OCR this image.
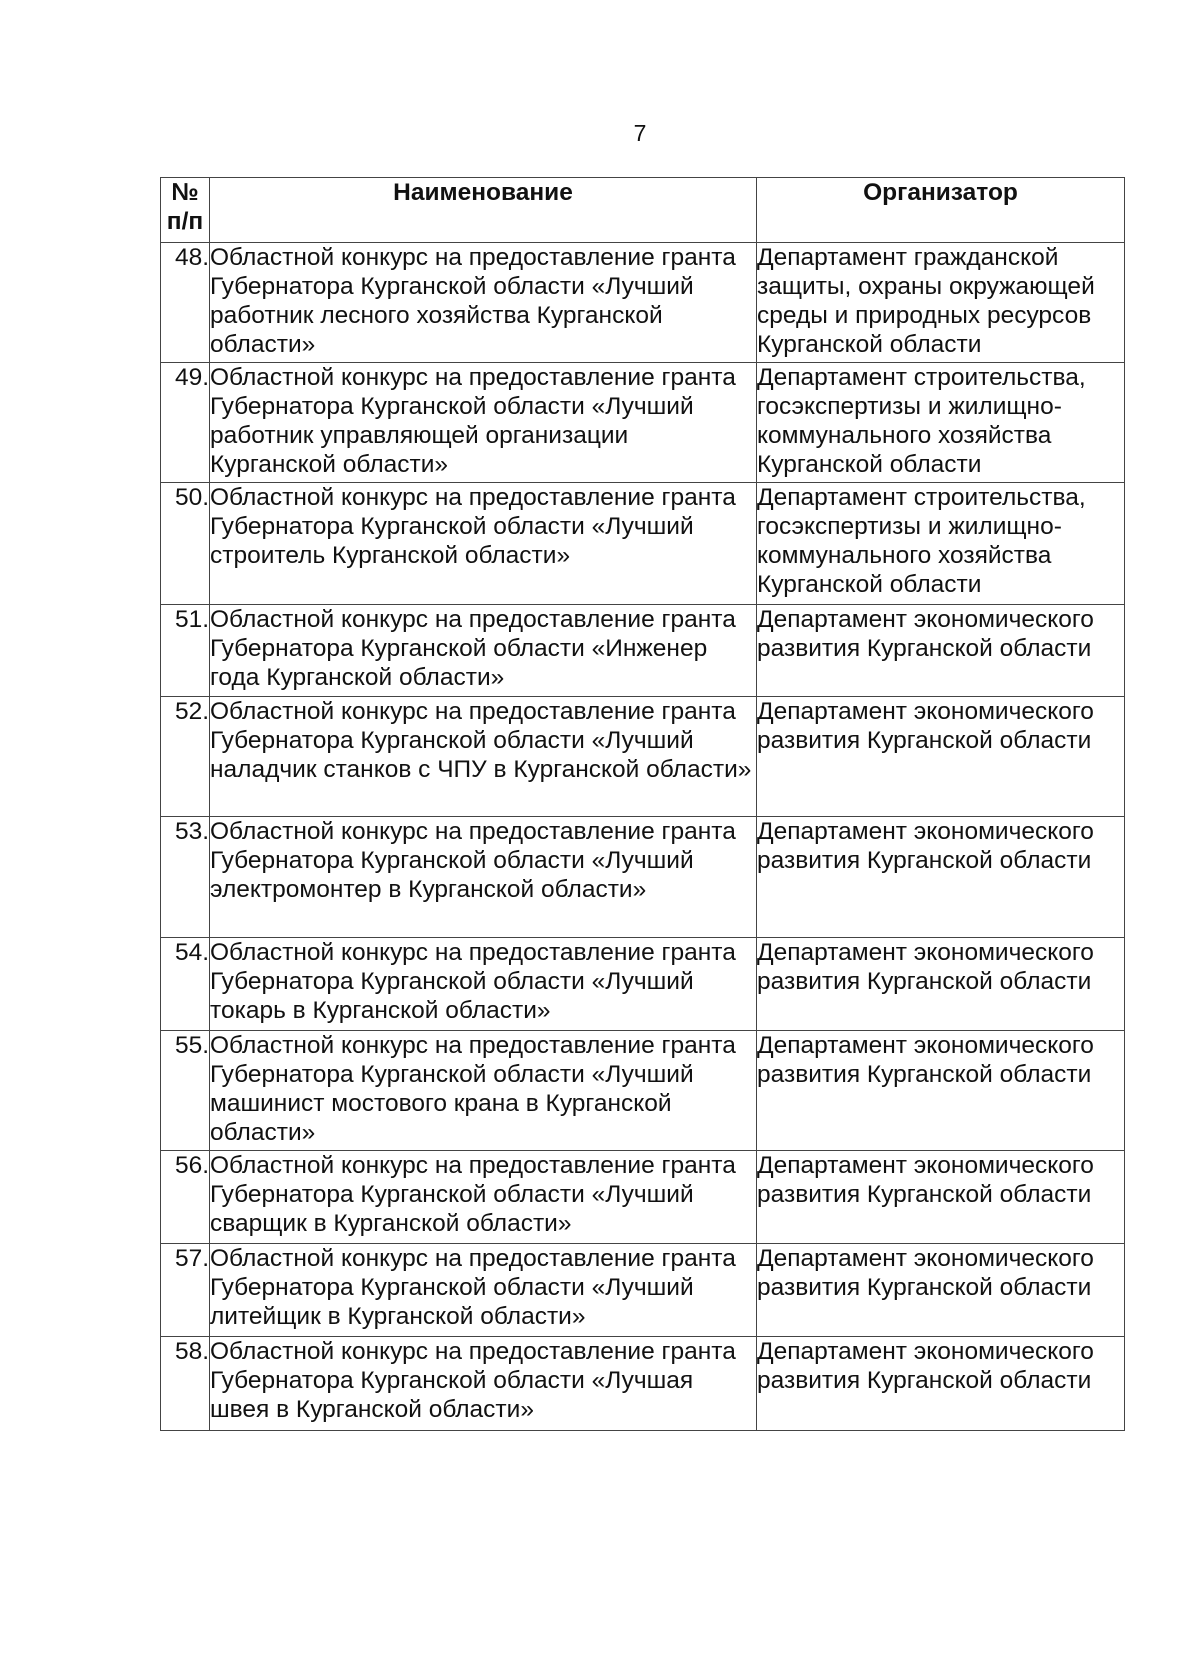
7
№ п/п	Наименование	Организатор
48.	Областной конкурс на предоставление гранта Губернатора Курганской области «Лучший работник лесного хозяйства Курганской области»	Департамент гражданской защиты, охраны окружающей среды и природных ресурсов Курганской области
49.	Областной конкурс на предоставление гранта Губернатора Курганской области «Лучший работник управляющей организации Курганской области»	Департамент строительства, госэкспертизы и жилищно-коммунального хозяйства Курганской области
50.	Областной конкурс на предоставление гранта Губернатора Курганской области «Лучший строитель Курганской области»	Департамент строительства, госэкспертизы и жилищно-коммунального хозяйства Курганской области
51.	Областной конкурс на предоставление гранта Губернатора Курганской области «Инженер года Курганской области»	Департамент экономического развития Курганской области
52.	Областной конкурс на предоставление гранта Губернатора Курганской области «Лучший наладчик станков с ЧПУ в Курганской области»	Департамент экономического развития Курганской области
53.	Областной конкурс на предоставление гранта Губернатора Курганской области «Лучший электромонтер в Курганской области»	Департамент экономического развития Курганской области
54.	Областной конкурс на предоставление гранта Губернатора Курганской области «Лучший токарь в Курганской области»	Департамент экономического развития Курганской области
55.	Областной конкурс на предоставление гранта Губернатора Курганской области «Лучший машинист мостового крана в Курганской области»	Департамент экономического развития Курганской области
56.	Областной конкурс на предоставление гранта Губернатора Курганской области «Лучший сварщик в Курганской области»	Департамент экономического развития Курганской области
57.	Областной конкурс на предоставление гранта Губернатора Курганской области «Лучший литейщик в Курганской области»	Департамент экономического развития Курганской области
58.	Областной конкурс на предоставление гранта Губернатора Курганской области «Лучшая швея в Курганской области»	Департамент экономического развития Курганской области
